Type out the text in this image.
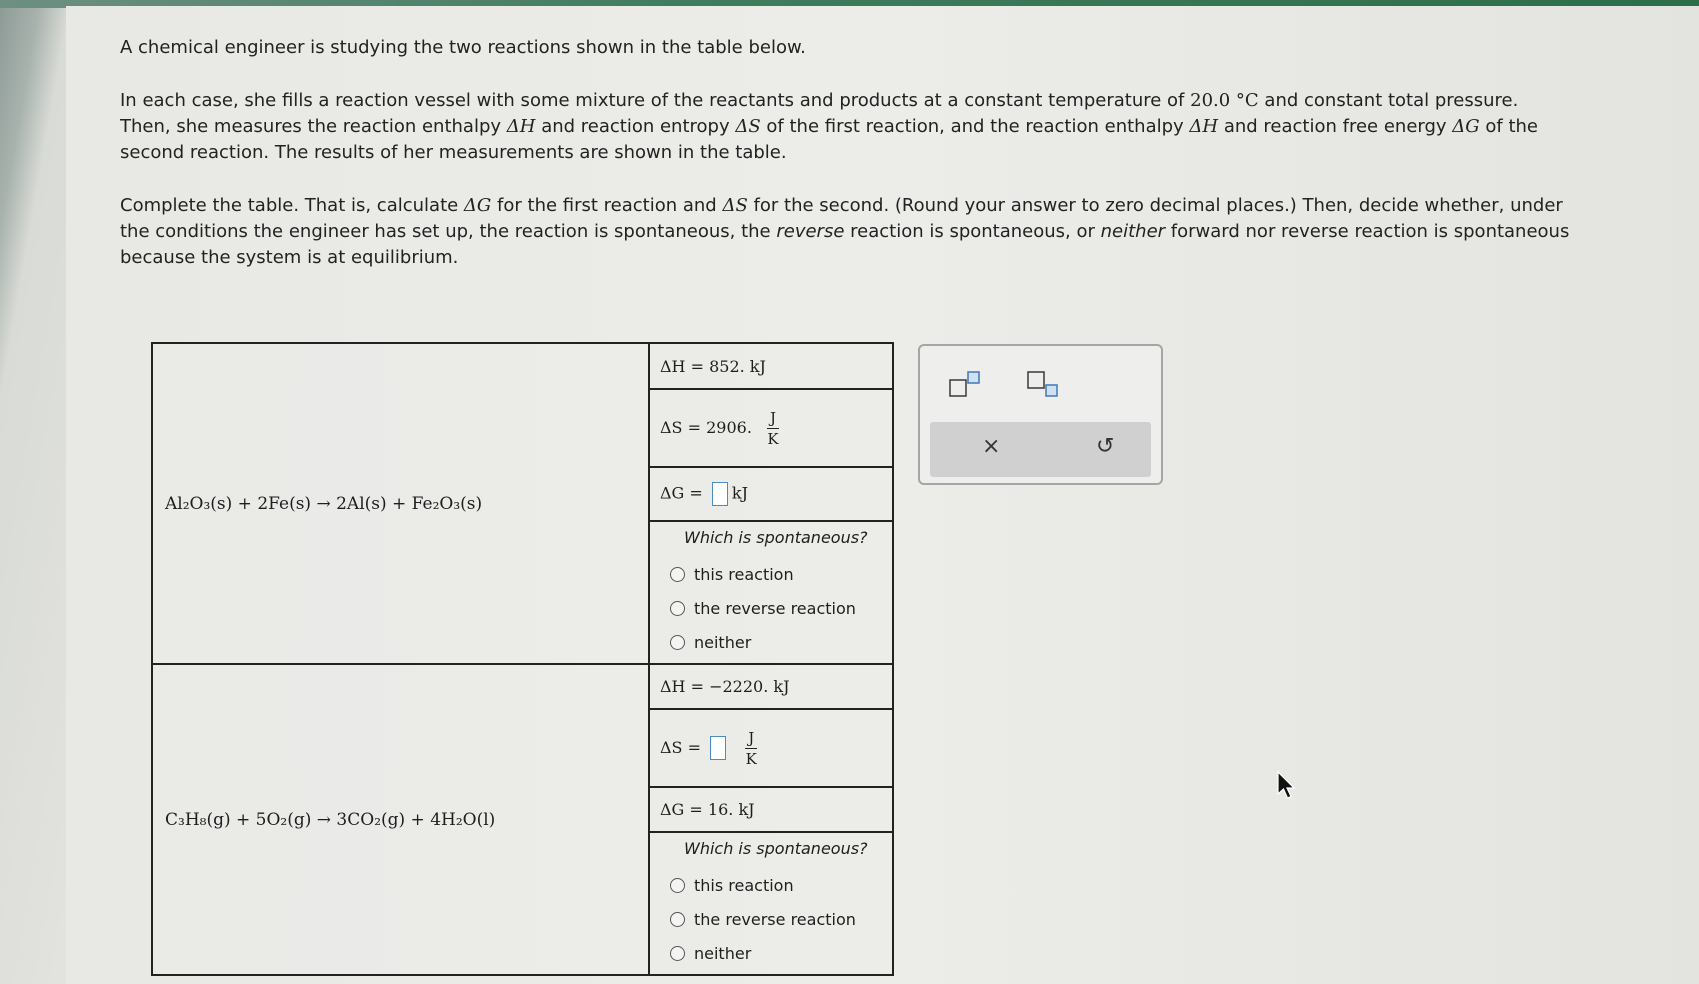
A chemical engineer is studying the two reactions shown in the table below.
In each case, she fills a reaction vessel with some mixture of the reactants and products at a constant temperature of 20.0 °C and constant total pressure.
Then, she measures the reaction enthalpy ΔH and reaction entropy ΔS of the first reaction, and the reaction enthalpy ΔH and reaction free energy ΔG of the
second reaction. The results of her measurements are shown in the table.
Complete the table. That is, calculate ΔG for the first reaction and ΔS for the second. (Round your answer to zero decimal places.) Then, decide whether, under
the conditions the engineer has set up, the reaction is spontaneous, the reverse reaction is spontaneous, or neither forward nor reverse reaction is spontaneous
because the system is at equilibrium.
Al₂O₃(s) + 2Fe(s) → 2Al(s) + Fe₂O₃(s)	ΔH = 852. kJ
	ΔS = 2906. $\frac{J}{K}$

	ΔG = kJ

	Which is spontaneous?
this reaction
the reverse reaction
neither

C₃H₈(g) + 5O₂(g) → 3CO₂(g) + 4H₂O(l)	ΔH = −2220. kJ
	$\Delta S = \frac{J}{K}$

	ΔG = 16. kJ

	Which is spontaneous?
this reaction
the reverse reaction
neither
×	↺
